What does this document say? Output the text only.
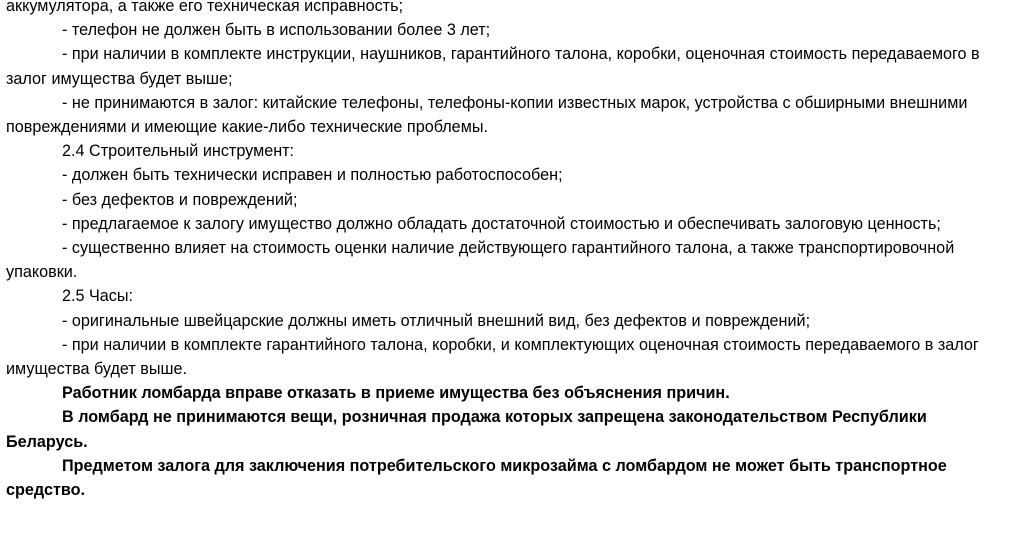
аккумулятора, а также его техническая исправность;

- телефон не должен быть в использовании более 3 лет;

- при наличии в комплекте инструкции, наушников, гарантийного талона, коробки, оценочная стоимость передаваемого в залог имущества будет выше;

- не принимаются в залог: китайские телефоны, телефоны-копии известных марок, устройства с обширными внешними повреждениями и имеющие какие-либо технические проблемы.

2.4 Строительный инструмент:

- должен быть технически исправен и полностью работоспособен;

- без дефектов и повреждений;

- предлагаемое к залогу имущество должно обладать достаточной стоимостью и обеспечивать залоговую ценность;

- существенно влияет на стоимость оценки наличие действующего гарантийного талона, а также транспортировочной упаковки.

2.5 Часы:

- оригинальные швейцарские должны иметь отличный внешний вид, без дефектов и повреждений;

- при наличии в комплекте гарантийного талона, коробки, и комплектующих оценочная стоимость передаваемого в залог имущества будет выше.

Работник ломбарда вправе отказать в приеме имущества без объяснения причин.

В ломбард не принимаются вещи, розничная продажа которых запрещена законодательством Республики Беларусь.

Предметом залога для заключения потребительского микрозайма с ломбардом не может быть транспортное средство.
